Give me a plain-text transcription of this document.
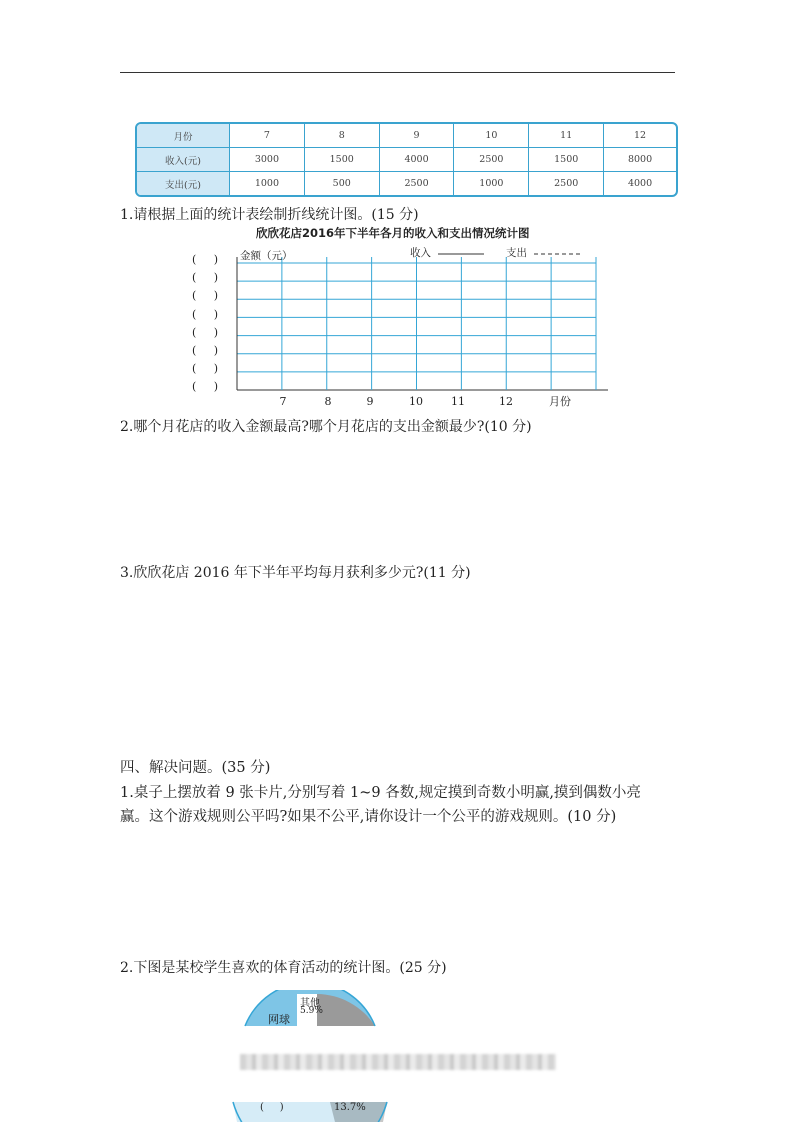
月份	7	8	9	10	11	12
收入(元)	3000	1500	4000	2500	1500	8000
支出(元)	1000	500	2500	1000	2500	4000
1.请根据上面的统计表绘制折线统计图。(15 分)
欣欣花店2016年下半年各月的收入和支出情况统计图
(     )
(     )
(     )
(     )
(     )
(     )
(     )
(     )
7	8	9	10	11	12	月份
金额（元）	收入	支出
2.哪个月花店的收入金额最高?哪个月花店的支出金额最少?(10 分)
3.欣欣花店 2016 年下半年平均每月获利多少元?(11 分)
四、解决问题。(35 分)
1.桌子上摆放着 9 张卡片,分别写着 1~9 各数,规定摸到奇数小明赢,摸到偶数小亮
赢。这个游戏规则公平吗?如果不公平,请你设计一个公平的游戏规则。(10 分)
2.下图是某校学生喜欢的体育活动的统计图。(25 分)
其他
5.9%
网球
(     )	13.7%
